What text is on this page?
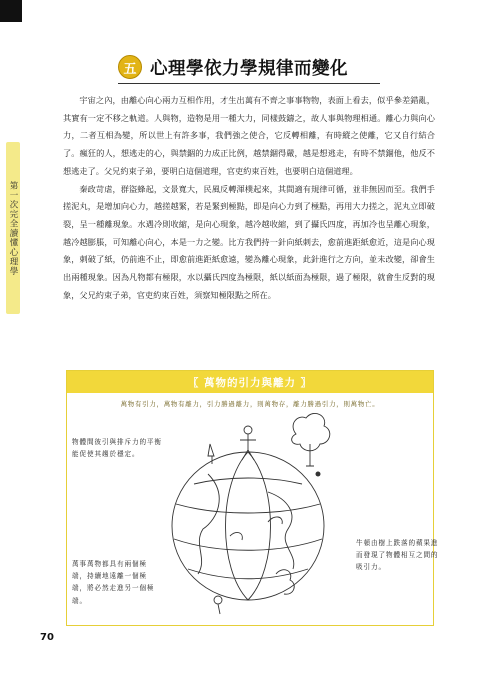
第一次完全讀懂心理學
五 心理學依力學規律而變化

宇宙之內，由離心向心兩力互相作用，才生出萬有不齊之事事物物，表面上看去，似乎參差錯亂，其實有一定不移之軌道。人與物，造物是用一種大力，同樣鼓鑄之，故人事與物理相通。離心力與向心力，二者互相為變，所以世上有許多事，我們強之使合，它反轉相離，有時縱之使離，它又自行結合了。瘋狂的人，想逃走的心，與禁錮的力成正比例，越禁錮得嚴，越是想逃走，有時不禁錮他，他反不想逃走了。父兄約束子弟，要明白這個道理，官吏約束百姓，也要明白這個道理。

秦政苛虐，群盜蜂起，文景寬大，民風反轉渾樸起來，其間適有規律可循，並非無因而至。我們手搓泥丸，是增加向心力，越搓越緊，若是緊到極點，即是向心力到了極點，再用大力搓之，泥丸立即破裂，呈一種離現象。水遇冷則收縮，是向心現象，越冷越收縮，到了攝氏四度，再加冷也呈離心現象，越冷越膨脹，可知離心向心，本是一力之變。比方我們持一針向紙刺去，愈前進距紙愈近，這是向心現象，刺破了紙，仍前進不止，即愈前進距紙愈遠，變為離心現象，此針進行之方向，並未改變，卻會生出兩種現象。因為凡物都有極限，水以攝氏四度為極限，紙以紙面為極限，過了極限，就會生反對的現象，父兄約束子弟，官吏約束百姓，須察知極限點之所在。

〖 萬物的引力與離力 〗
萬物有引力，萬物有離力，引力勝過離力，則萬物存，離力勝過引力，則萬物亡。
物體間彼引與排斥力的平衡能促使其趨於穩定。
牛頓由樹上跌落的蘋果進而發現了物體相互之間的吸引力。
萬事萬物都具有兩個極端，持續地遠離一個極端，將必然走進另一個極端。
70
